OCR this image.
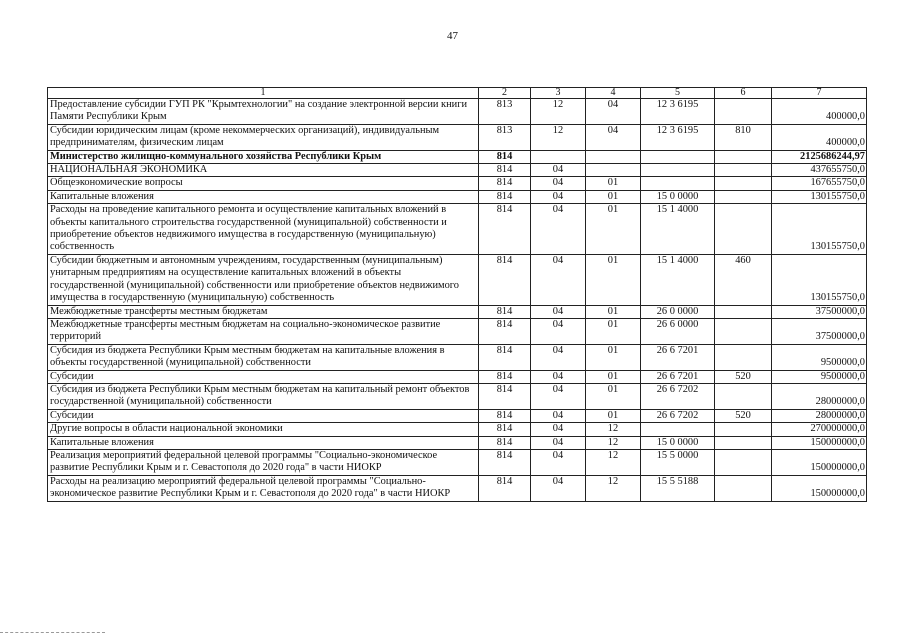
47
1	2	3	4	5	6	7
Предоставление субсидии ГУП РК "Крымтехнологии" на создание электронной версии книги Памяти Республики Крым	813	12	04	12 3 6195		400000,0
Субсидии юридическим лицам (кроме некоммерческих организаций), индивидуальным предпринимателям, физическим лицам	813	12	04	12 3 6195	810	400000,0
Министерство жилищно-коммунального хозяйства Республики Крым	814					2125686244,97
НАЦИОНАЛЬНАЯ ЭКОНОМИКА	814	04				437655750,0
Общеэкономические вопросы	814	04	01			167655750,0
Капитальные вложения	814	04	01	15 0 0000		130155750,0
Расходы на проведение капитального ремонта и осуществление капитальных вложений в объекты капитального строительства государственной (муниципальной) собственности и приобретение объектов недвижимого имущества в государственную (муниципальную) собственность	814	04	01	15 1 4000		130155750,0
Субсидии бюджетным и автономным учреждениям, государственным (муниципальным) унитарным предприятиям на осуществление капитальных вложений в объекты государственной (муниципальной) собственности или приобретение объектов недвижимого имущества в государственную (муниципальную) собственность	814	04	01	15 1 4000	460	130155750,0
Межбюджетные трансферты местным бюджетам	814	04	01	26 0 0000		37500000,0
Межбюджетные трансферты местным бюджетам на социально-экономическое развитие территорий	814	04	01	26 6 0000		37500000,0
Субсидия из бюджета Республики Крым местным бюджетам на капитальные вложения в объекты государственной (муниципальной) собственности	814	04	01	26 6 7201		9500000,0
Субсидии	814	04	01	26 6 7201	520	9500000,0
Субсидия из бюджета Республики Крым местным бюджетам на капитальный ремонт объектов государственной (муниципальной) собственности	814	04	01	26 6 7202		28000000,0
Субсидии	814	04	01	26 6 7202	520	28000000,0
Другие вопросы в области национальной экономики	814	04	12			270000000,0
Капитальные вложения	814	04	12	15 0 0000		150000000,0
Реализация мероприятий федеральной целевой программы "Социально-экономическое развитие Республики Крым и г. Севастополя до 2020 года" в части НИОКР	814	04	12	15 5 0000		150000000,0
Расходы на реализацию мероприятий федеральной целевой программы "Социально-экономическое развитие Республики Крым и г. Севастополя до 2020 года" в части НИОКР	814	04	12	15 5 5188		150000000,0
